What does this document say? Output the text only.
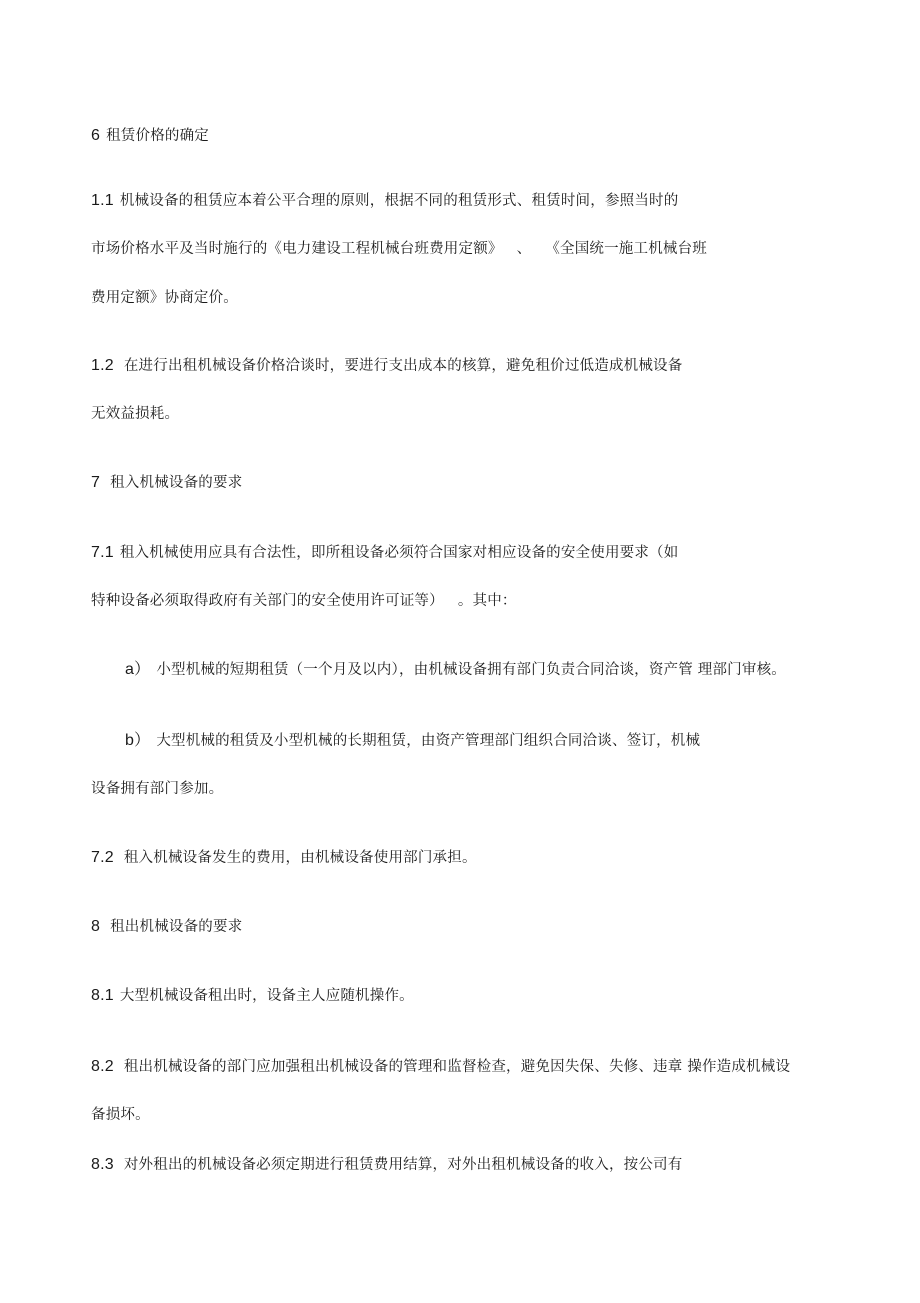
6 租赁价格的确定
1.1 机械设备的租赁应本着公平合理的原则，根据不同的租赁形式、租赁时间，参照当时的
市场价格水平及当时施行的《电力建设工程机械台班费用定额》 、 《全国统一施工机械台班
费用定额》协商定价。
1.2 在进行出租机械设备价格洽谈时，要进行支出成本的核算，避免租价过低造成机械设备
无效益损耗。
7 租入机械设备的要求
7.1 租入机械使用应具有合法性，即所租设备必须符合国家对相应设备的安全使用要求（如
特种设备必须取得政府有关部门的安全使用许可证等） 。其中：
a） 小型机械的短期租赁（一个月及以内），由机械设备拥有部门负责合同洽谈，资产管 理部门审核。
b） 大型机械的租赁及小型机械的长期租赁，由资产管理部门组织合同洽谈、签订，机械
设备拥有部门参加。
7.2 租入机械设备发生的费用，由机械设备使用部门承担。
8 租出机械设备的要求
8.1 大型机械设备租出时，设备主人应随机操作。
8.2 租出机械设备的部门应加强租出机械设备的管理和监督检查，避免因失保、失修、违章 操作造成机械设
备损坏。
8.3 对外租出的机械设备必须定期进行租赁费用结算，对外出租机械设备的收入，按公司有
